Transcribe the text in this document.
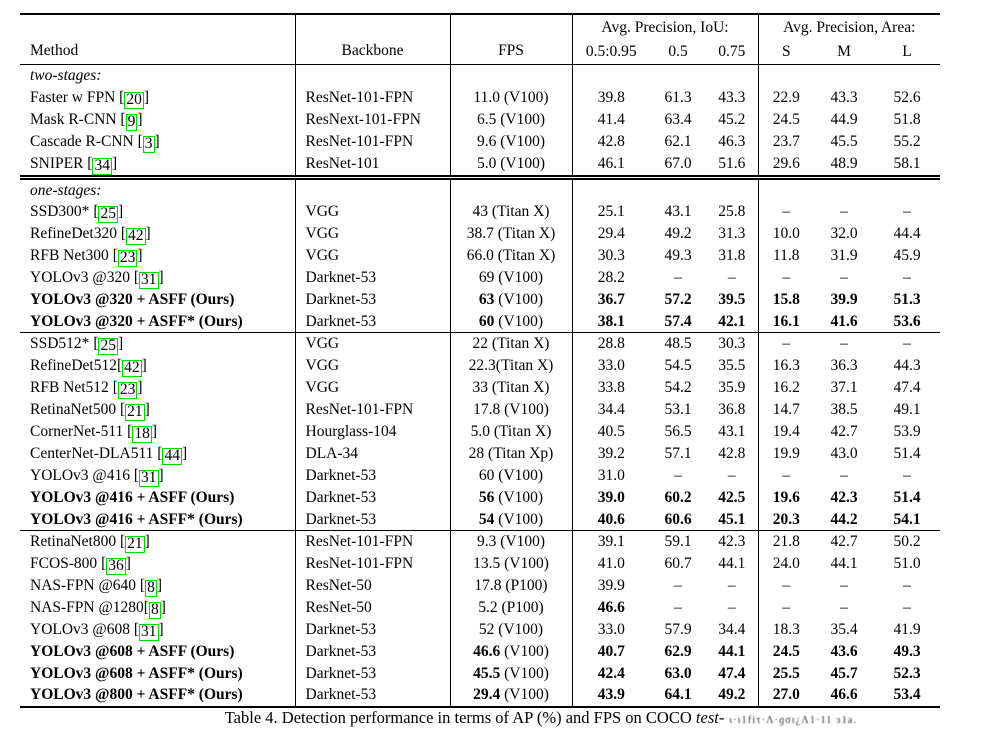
Method	Backbone	FPS	Avg. Precision, IoU:			Avg. Precision, Area:		
			0.5:0.95	0.5	0.75	S	M	L
two-stages:								
Faster w FPN [ 20 ]	ResNet-101-FPN	11.0 (V100)	39.8	61.3	43.3	22.9	43.3	52.6
Mask R-CNN [ 9 ]	ResNext-101-FPN	6.5 (V100)	41.4	63.4	45.2	24.5	44.9	51.8
Cascade R-CNN [ 3 ]	ResNet-101-FPN	9.6 (V100)	42.8	62.1	46.3	23.7	45.5	55.2
SNIPER [ 34 ]	ResNet-101	5.0 (V100)	46.1	67.0	51.6	29.6	48.9	58.1
one-stages:								
SSD300* [ 25 ]	VGG	43 (Titan X)	25.1	43.1	25.8	–	–	–
RefineDet320 [ 42 ]	VGG	38.7 (Titan X)	29.4	49.2	31.3	10.0	32.0	44.4
RFB Net300 [ 23 ]	VGG	66.0 (Titan X)	30.3	49.3	31.8	11.8	31.9	45.9
YOLOv3 @320 [ 31 ]	Darknet-53	69 (V100)	28.2	–	–	–	–	–
YOLOv3 @320 + ASFF (Ours)	Darknet-53	63 (V100)	36.7	57.2	39.5	15.8	39.9	51.3
YOLOv3 @320 + ASFF* (Ours)	Darknet-53	60 (V100)	38.1	57.4	42.1	16.1	41.6	53.6
SSD512* [ 25 ]	VGG	22 (Titan X)	28.8	48.5	30.3	–	–	–
RefineDet512[ 42 ]	VGG	22.3(Titan X)	33.0	54.5	35.5	16.3	36.3	44.3
RFB Net512 [ 23 ]	VGG	33 (Titan X)	33.8	54.2	35.9	16.2	37.1	47.4
RetinaNet500 [ 21 ]	ResNet-101-FPN	17.8 (V100)	34.4	53.1	36.8	14.7	38.5	49.1
CornerNet-511 [ 18 ]	Hourglass-104	5.0 (Titan X)	40.5	56.5	43.1	19.4	42.7	53.9
CenterNet-DLA511 [ 44 ]	DLA-34	28 (Titan Xp)	39.2	57.1	42.8	19.9	43.0	51.4
YOLOv3 @416 [ 31 ]	Darknet-53	60 (V100)	31.0	–	–	–	–	–
YOLOv3 @416 + ASFF (Ours)	Darknet-53	56 (V100)	39.0	60.2	42.5	19.6	42.3	51.4
YOLOv3 @416 + ASFF* (Ours)	Darknet-53	54 (V100)	40.6	60.6	45.1	20.3	44.2	54.1
RetinaNet800 [ 21 ]	ResNet-101-FPN	9.3 (V100)	39.1	59.1	42.3	21.8	42.7	50.2
FCOS-800 [ 36 ]	ResNet-101-FPN	13.5 (V100)	41.0	60.7	44.1	24.0	44.1	51.0
NAS-FPN @640 [ 8 ]	ResNet-50	17.8 (P100)	39.9	–	–	–	–	–
NAS-FPN @1280[ 8 ]	ResNet-50	5.2 (P100)	46.6	–	–	–	–	–
YOLOv3 @608 [ 31 ]	Darknet-53	52 (V100)	33.0	57.9	34.4	18.3	35.4	41.9
YOLOv3 @608 + ASFF (Ours)	Darknet-53	46.6 (V100)	40.7	62.9	44.1	24.5	43.6	49.3
YOLOv3 @608 + ASFF* (Ours)	Darknet-53	45.5 (V100)	42.4	63.0	47.4	25.5	45.7	52.3
YOLOv3 @800 + ASFF* (Ours)	Darknet-53	29.4 (V100)	43.9	64.1	49.2	27.0	46.6	53.4
Table 4. Detection performance in terms of AP (%) and FPS on COCO test- ι·ι1fiτ·Λ·ɡσι¿Λ1·11 ɜ1a.
